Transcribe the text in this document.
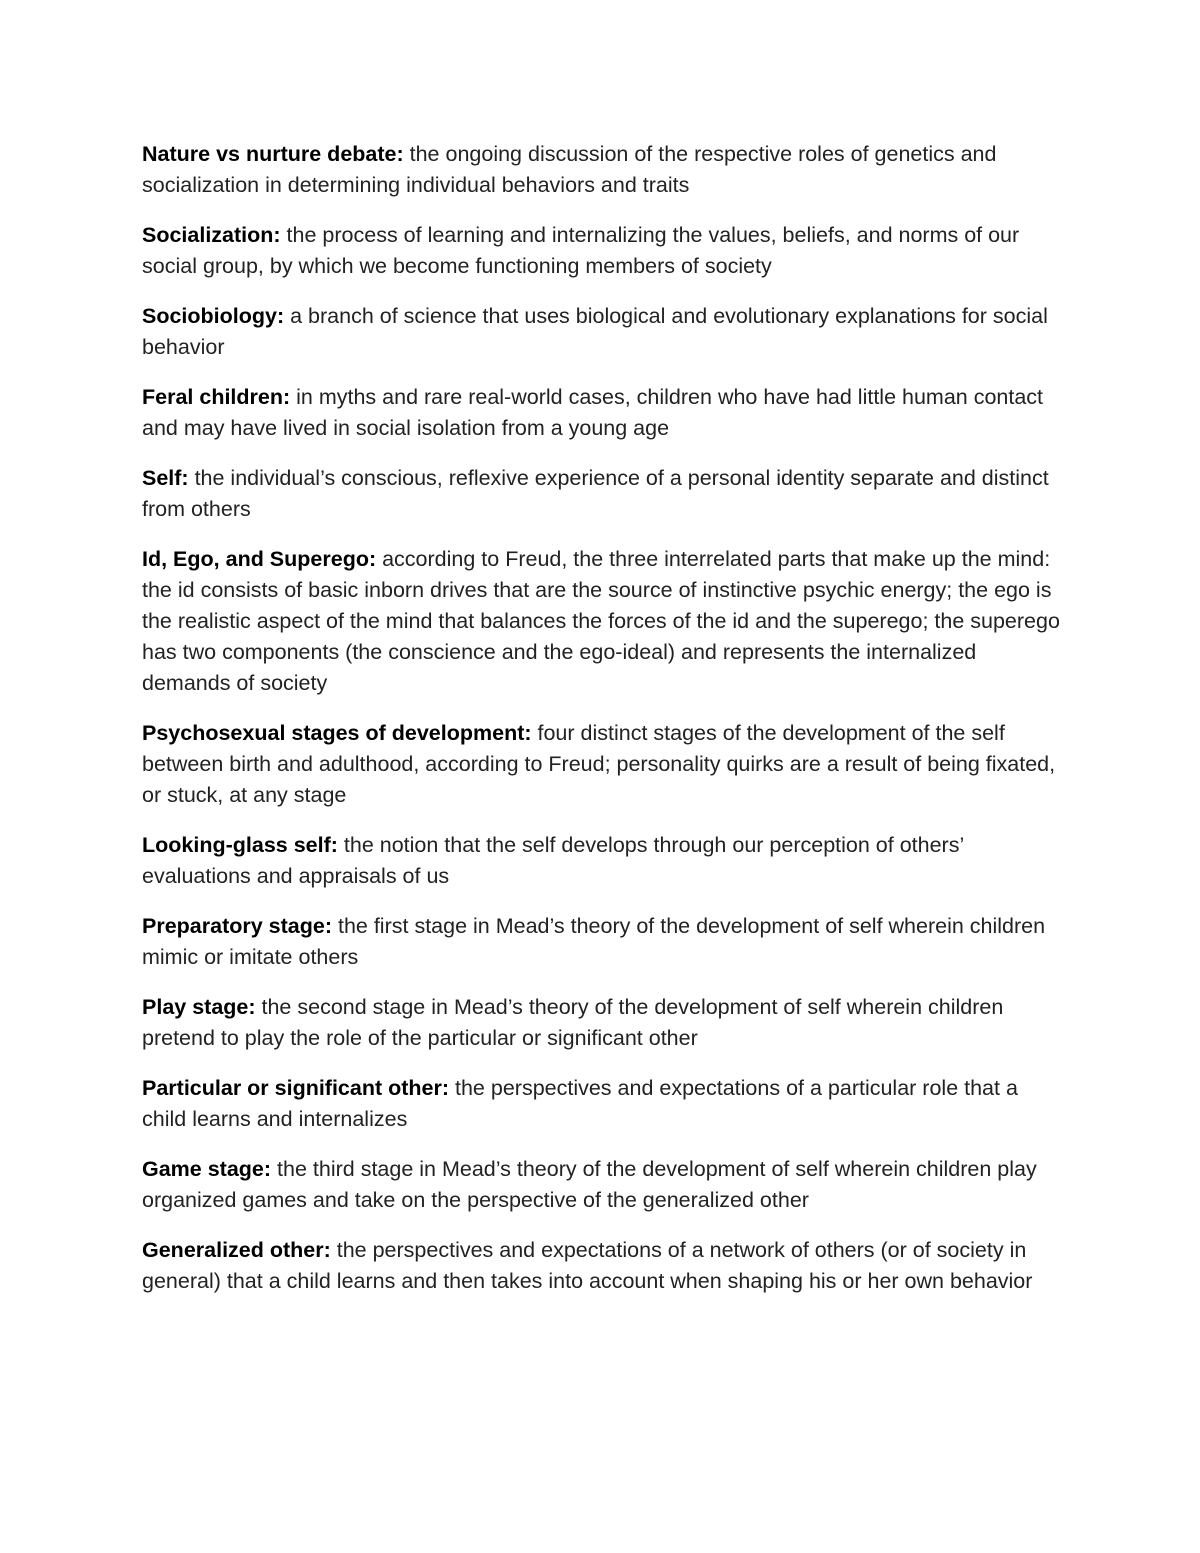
Nature vs nurture debate: the ongoing discussion of the respective roles of genetics and socialization in determining individual behaviors and traits

Socialization: the process of learning and internalizing the values, beliefs, and norms of our social group, by which we become functioning members of society

Sociobiology: a branch of science that uses biological and evolutionary explanations for social behavior

Feral children: in myths and rare real-world cases, children who have had little human contact and may have lived in social isolation from a young age

Self: the individual’s conscious, reflexive experience of a personal identity separate and distinct from others

Id, Ego, and Superego: according to Freud, the three interrelated parts that make up the mind: the id consists of basic inborn drives that are the source of instinctive psychic energy; the ego is the realistic aspect of the mind that balances the forces of the id and the superego; the superego has two components (the conscience and the ego-ideal) and represents the internalized demands of society

Psychosexual stages of development: four distinct stages of the development of the self between birth and adulthood, according to Freud; personality quirks are a result of being fixated, or stuck, at any stage

Looking-glass self: the notion that the self develops through our perception of others’ evaluations and appraisals of us

Preparatory stage: the first stage in Mead’s theory of the development of self wherein children mimic or imitate others

Play stage: the second stage in Mead’s theory of the development of self wherein children pretend to play the role of the particular or significant other

Particular or significant other: the perspectives and expectations of a particular role that a child learns and internalizes

Game stage: the third stage in Mead’s theory of the development of self wherein children play organized games and take on the perspective of the generalized other

Generalized other: the perspectives and expectations of a network of others (or of society in general) that a child learns and then takes into account when shaping his or her own behavior
